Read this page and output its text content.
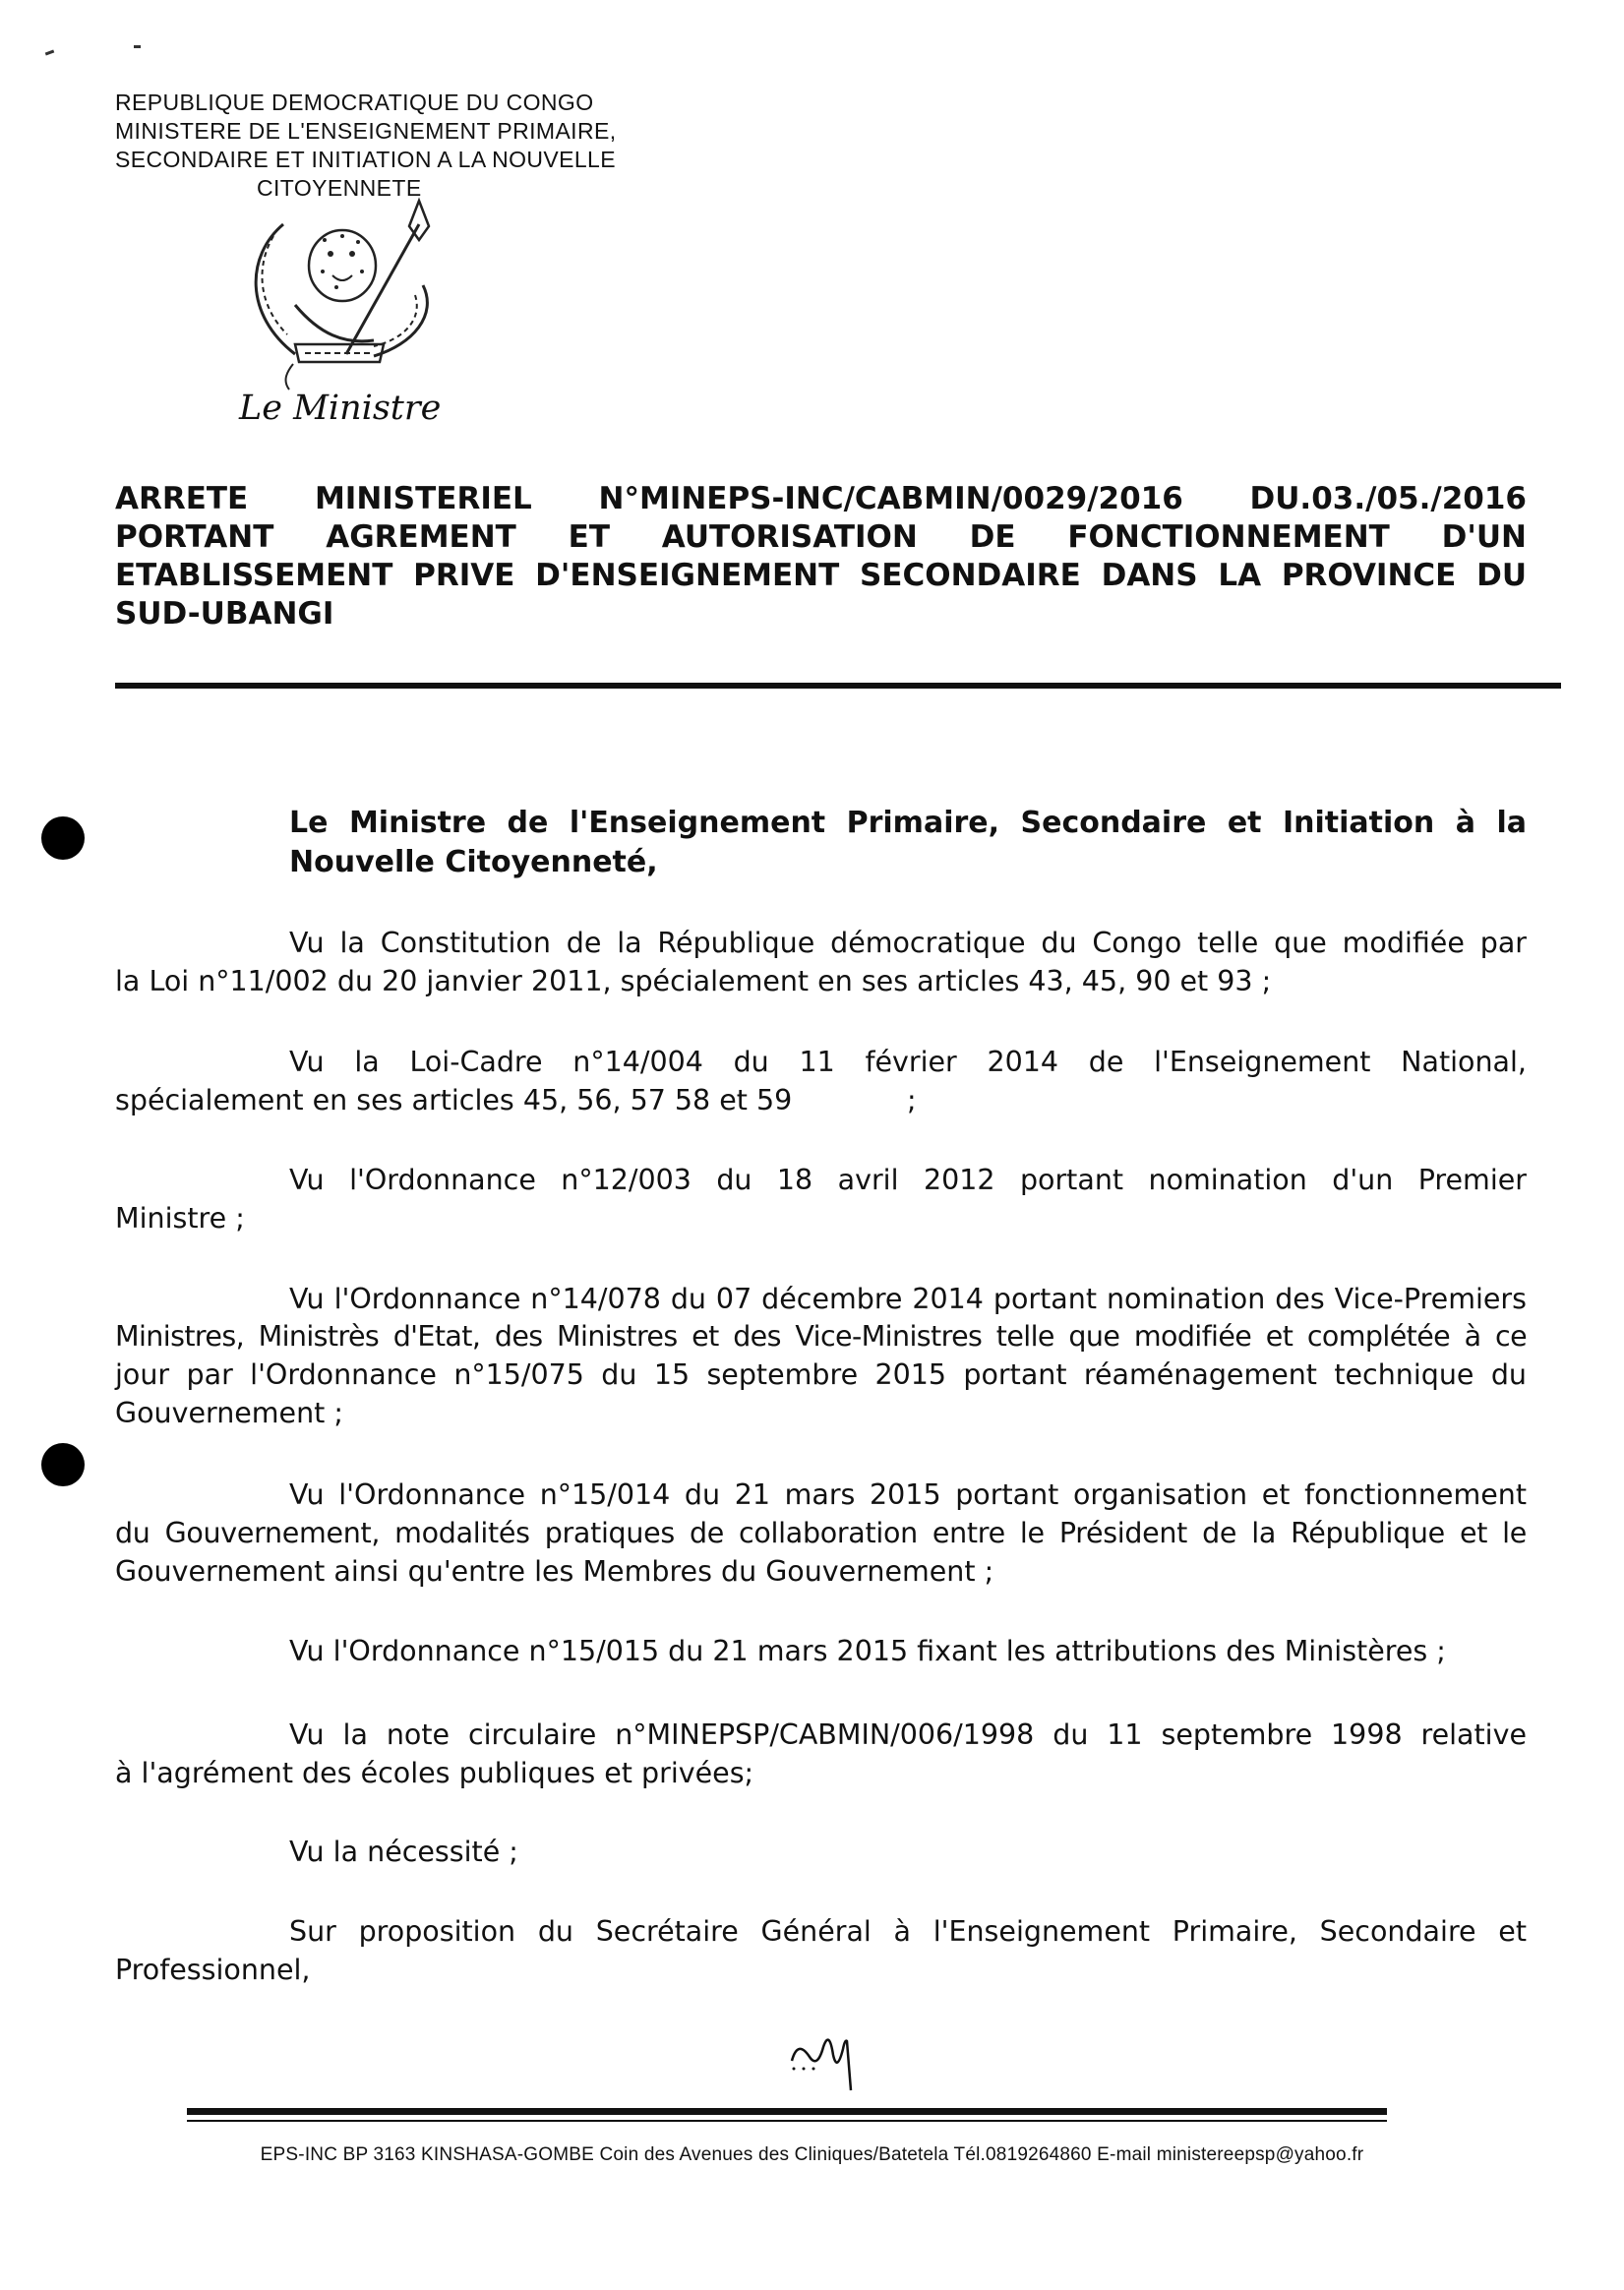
REPUBLIQUE DEMOCRATIQUE DU CONGO
MINISTERE DE L'ENSEIGNEMENT PRIMAIRE,
SECONDAIRE ET INITIATION A LA NOUVELLE
CITOYENNETE
Le Ministre
ARRETE MINISTERIEL N°MINEPS-INC/CABMIN/0029/2016 DU.03./05./2016
PORTANT AGREMENT ET AUTORISATION DE FONCTIONNEMENT D'UN
ETABLISSEMENT PRIVE D'ENSEIGNEMENT SECONDAIRE DANS LA PROVINCE DU
SUD-UBANGI
Le Ministre de l'Enseignement Primaire, Secondaire et Initiation à la
Nouvelle Citoyenneté,
Vu la Constitution de la République démocratique du Congo telle que modifiée par
la Loi n°11/002 du 20 janvier 2011, spécialement en ses articles 43, 45, 90 et 93 ;
Vu la Loi-Cadre n°14/004 du 11 février 2014 de l'Enseignement National,
spécialement en ses articles 45, 56, 57 58 et 59	;
Vu l'Ordonnance n°12/003 du 18 avril 2012 portant nomination d'un Premier
Ministre ;
Vu l'Ordonnance n°14/078 du 07 décembre 2014 portant nomination des Vice-Premiers
Ministres, Ministrès d'Etat, des Ministres et des Vice-Ministres telle que modifiée et complétée à ce
jour par l'Ordonnance n°15/075 du 15 septembre 2015 portant réaménagement technique du
Gouvernement ;
Vu l'Ordonnance n°15/014 du 21 mars 2015 portant organisation et fonctionnement
du Gouvernement, modalités pratiques de collaboration entre le Président de la République et le
Gouvernement ainsi qu'entre les Membres du Gouvernement ;
Vu l'Ordonnance n°15/015 du 21 mars 2015 fixant les attributions des Ministères ;
Vu la note circulaire n°MINEPSP/CABMIN/006/1998 du 11 septembre 1998 relative
à l'agrément des écoles publiques et privées;
Vu la nécessité ;
Sur proposition du Secrétaire Général à l'Enseignement Primaire, Secondaire et
Professionnel,
EPS-INC BP 3163 KINSHASA-GOMBE Coin des Avenues des Cliniques/Batetela Tél.0819264860 E-mail ministereepsp@yahoo.fr
